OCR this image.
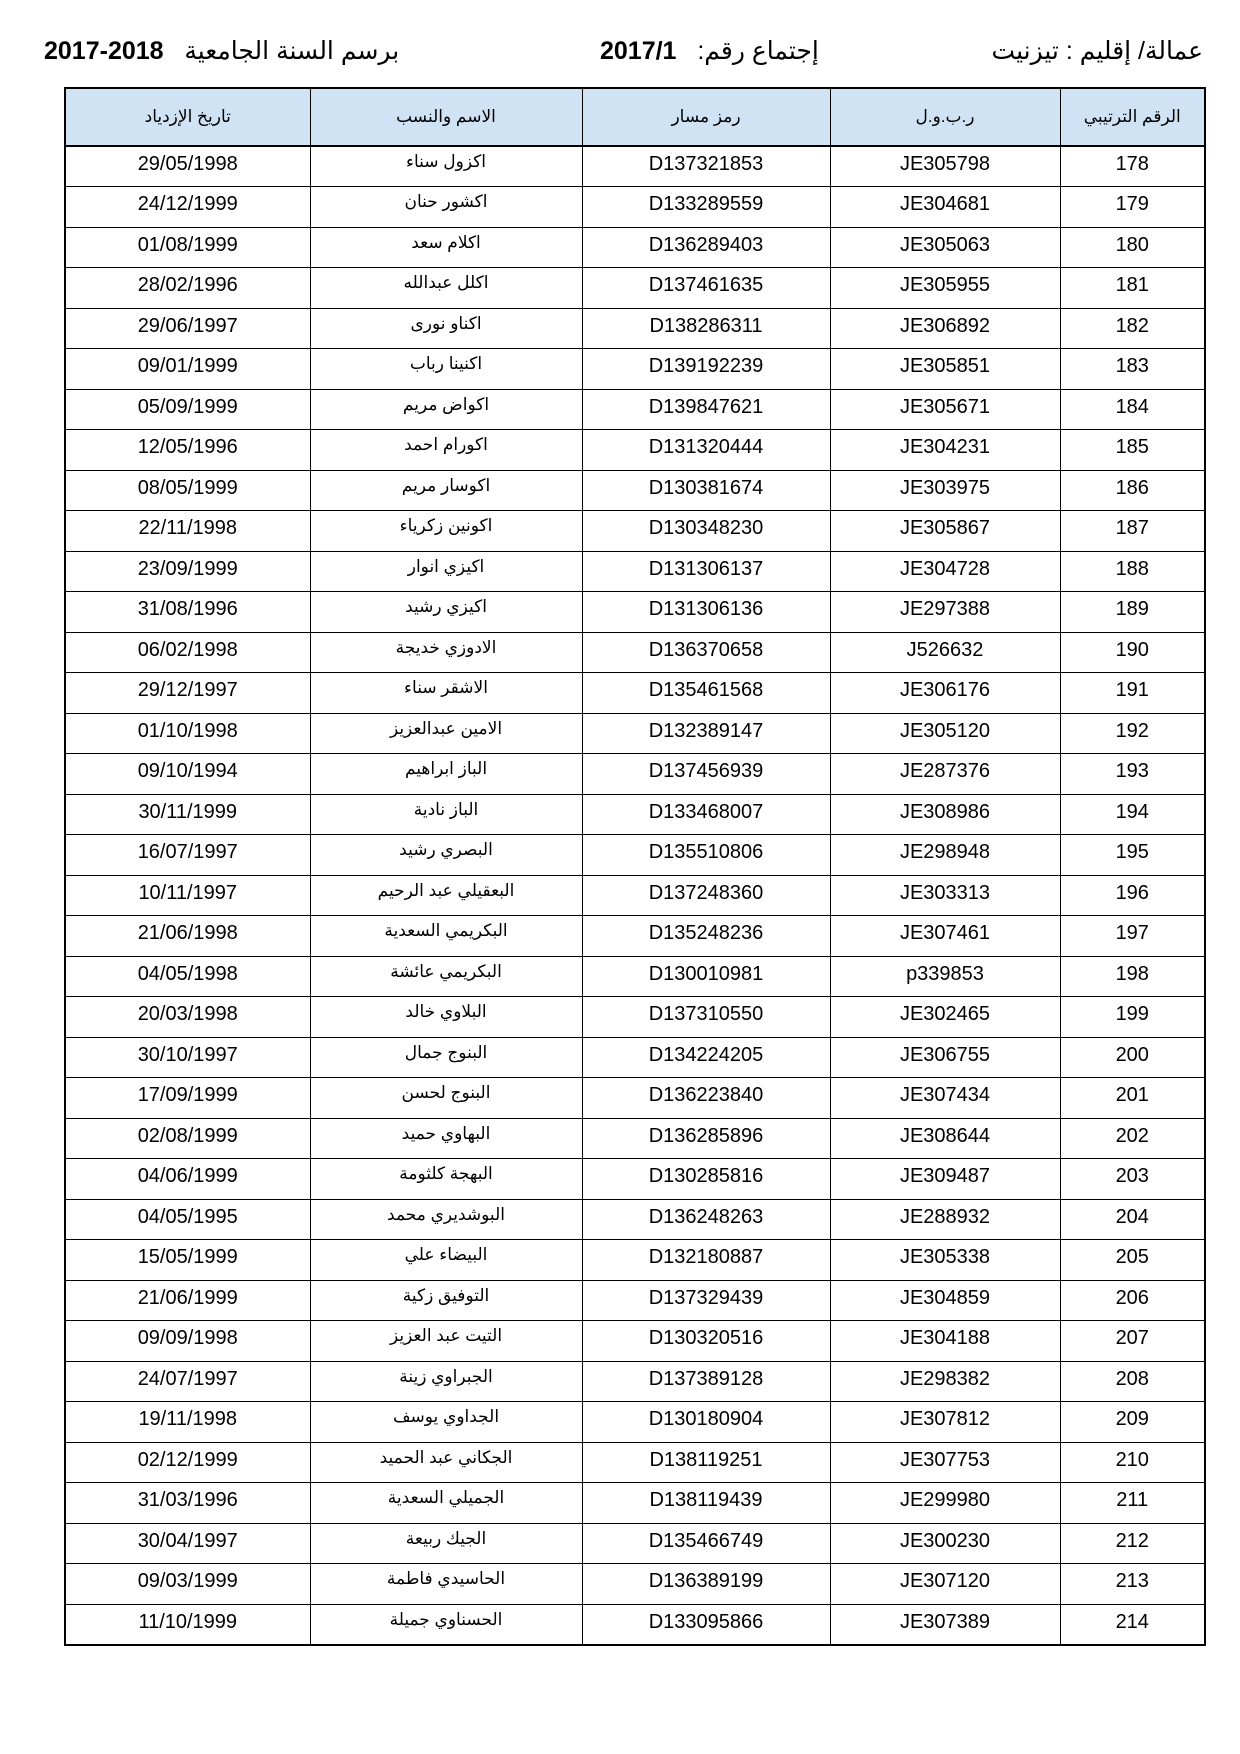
2017-2018 برسم السنة الجامعية	2017/1 إجتماع رقم:	تيزنيت عمالة/ إقليم :
تاريخ الإزدياد	الاسم والنسب	رمز مسار	ر.ب.و.ل	الرقم الترتيبي
29/05/1998	اكزول سناء	D137321853	JE305798	178
24/12/1999	اكشور حنان	D133289559	JE304681	179
01/08/1999	اكلام سعد	D136289403	JE305063	180
28/02/1996	اكلل عبدالله	D137461635	JE305955	181
29/06/1997	اكناو نورى	D138286311	JE306892	182
09/01/1999	اكنينا رباب	D139192239	JE305851	183
05/09/1999	اكواض مريم	D139847621	JE305671	184
12/05/1996	اكورام احمد	D131320444	JE304231	185
08/05/1999	اكوسار مريم	D130381674	JE303975	186
22/11/1998	اكونين زكرياء	D130348230	JE305867	187
23/09/1999	اكيزي انوار	D131306137	JE304728	188
31/08/1996	اكيزي رشيد	D131306136	JE297388	189
06/02/1998	الادوزي خديجة	D136370658	J526632	190
29/12/1997	الاشقر سناء	D135461568	JE306176	191
01/10/1998	الامين عبدالعزيز	D132389147	JE305120	192
09/10/1994	الباز ابراهيم	D137456939	JE287376	193
30/11/1999	الباز نادية	D133468007	JE308986	194
16/07/1997	البصري رشيد	D135510806	JE298948	195
10/11/1997	البعقيلي عبد الرحيم	D137248360	JE303313	196
21/06/1998	البكريمي السعدية	D135248236	JE307461	197
04/05/1998	البكريمي عائشة	D130010981	p339853	198
20/03/1998	البلاوي خالد	D137310550	JE302465	199
30/10/1997	البنوج جمال	D134224205	JE306755	200
17/09/1999	البنوج لحسن	D136223840	JE307434	201
02/08/1999	البهاوي حميد	D136285896	JE308644	202
04/06/1999	البهجة كلثومة	D130285816	JE309487	203
04/05/1995	البوشديري محمد	D136248263	JE288932	204
15/05/1999	البيضاء علي	D132180887	JE305338	205
21/06/1999	التوفيق زكية	D137329439	JE304859	206
09/09/1998	التيت عبد العزيز	D130320516	JE304188	207
24/07/1997	الجبراوي زينة	D137389128	JE298382	208
19/11/1998	الجداوي يوسف	D130180904	JE307812	209
02/12/1999	الجكاني عبد الحميد	D138119251	JE307753	210
31/03/1996	الجميلي السعدية	D138119439	JE299980	211
30/04/1997	الجيك ربيعة	D135466749	JE300230	212
09/03/1999	الحاسيدي فاطمة	D136389199	JE307120	213
11/10/1999	الحسناوي جميلة	D133095866	JE307389	214
